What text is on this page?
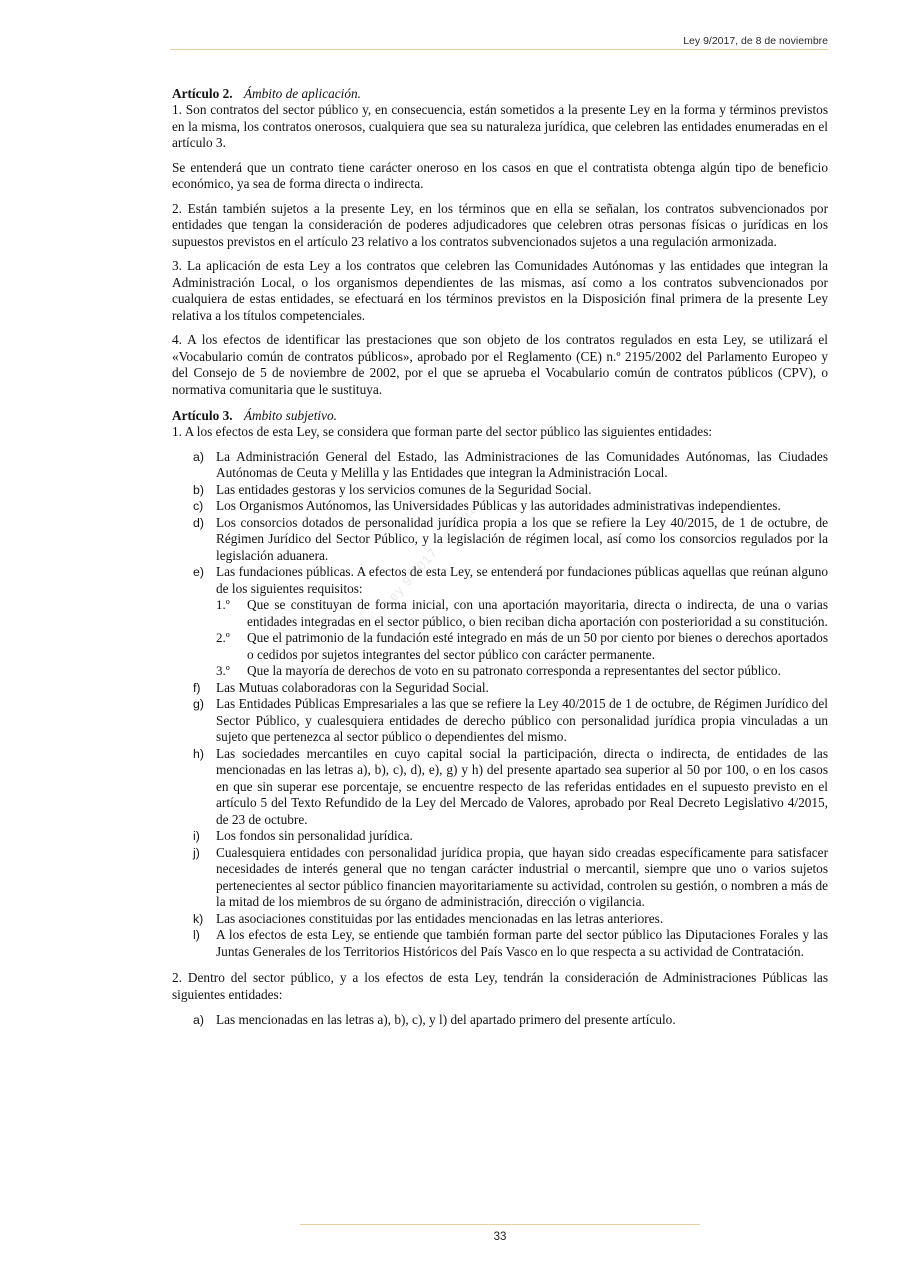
Ley 9/2017, de 8 de noviembre
Ley 9/2017 - Contratos

Artículo 2. Ámbito de aplicación.

1. Son contratos del sector público y, en consecuencia, están sometidos a la presente Ley en la forma y términos previstos en la misma, los contratos onerosos, cualquiera que sea su naturaleza jurídica, que celebren las entidades enumeradas en el artículo 3.

Se entenderá que un contrato tiene carácter oneroso en los casos en que el contratista obtenga algún tipo de beneficio económico, ya sea de forma directa o indirecta.

2. Están también sujetos a la presente Ley, en los términos que en ella se señalan, los contratos subvencionados por entidades que tengan la consideración de poderes adjudicadores que celebren otras personas físicas o jurídicas en los supuestos previstos en el artículo 23 relativo a los contratos subvencionados sujetos a una regulación armonizada.

3. La aplicación de esta Ley a los contratos que celebren las Comunidades Autónomas y las entidades que integran la Administración Local, o los organismos dependientes de las mismas, así como a los contratos subvencionados por cualquiera de estas entidades, se efectuará en los términos previstos en la Disposición final primera de la presente Ley relativa a los títulos competenciales.

4. A los efectos de identificar las prestaciones que son objeto de los contratos regulados en esta Ley, se utilizará el «Vocabulario común de contratos públicos», aprobado por el Reglamento (CE) n.º 2195/2002 del Parlamento Europeo y del Consejo de 5 de noviembre de 2002, por el que se aprueba el Vocabulario común de contratos públicos (CPV), o normativa comunitaria que le sustituya.

Artículo 3. Ámbito subjetivo.

1. A los efectos de esta Ley, se considera que forman parte del sector público las siguientes entidades:

a) La Administración General del Estado, las Administraciones de las Comunidades Autónomas, las Ciudades Autónomas de Ceuta y Melilla y las Entidades que integran la Administración Local.
b) Las entidades gestoras y los servicios comunes de la Seguridad Social.
c) Los Organismos Autónomos, las Universidades Públicas y las autoridades administrativas independientes.
d) Los consorcios dotados de personalidad jurídica propia a los que se refiere la Ley 40/2015, de 1 de octubre, de Régimen Jurídico del Sector Público, y la legislación de régimen local, así como los consorcios regulados por la legislación aduanera.
e) Las fundaciones públicas. A efectos de esta Ley, se entenderá por fundaciones públicas aquellas que reúnan alguno de los siguientes requisitos:
1.º	Que se constituyan de forma inicial, con una aportación mayoritaria, directa o indirecta, de una o varias entidades integradas en el sector público, o bien reciban dicha aportación con posterioridad a su constitución.
2.º	Que el patrimonio de la fundación esté integrado en más de un 50 por ciento por bienes o derechos aportados o cedidos por sujetos integrantes del sector público con carácter permanente.
3.º	Que la mayoría de derechos de voto en su patronato corresponda a representantes del sector público.
f)	Las Mutuas colaboradoras con la Seguridad Social.
g) Las Entidades Públicas Empresariales a las que se refiere la Ley 40/2015 de 1 de octubre, de Régimen Jurídico del Sector Público, y cualesquiera entidades de derecho público con personalidad jurídica propia vinculadas a un sujeto que pertenezca al sector público o dependientes del mismo.
h) Las sociedades mercantiles en cuyo capital social la participación, directa o indirecta, de entidades de las mencionadas en las letras a), b), c), d), e), g) y h) del presente apartado sea superior al 50 por 100, o en los casos en que sin superar ese porcentaje, se encuentre respecto de las referidas entidades en el supuesto previsto en el artículo 5 del Texto Refundido de la Ley del Mercado de Valores, aprobado por Real Decreto Legislativo 4/2015, de 23 de octubre.
i)	Los fondos sin personalidad jurídica.
j)	Cualesquiera entidades con personalidad jurídica propia, que hayan sido creadas específicamente para satisfacer necesidades de interés general que no tengan carácter industrial o mercantil, siempre que uno o varios sujetos pertenecientes al sector público financien mayoritariamente su actividad, controlen su gestión, o nombren a más de la mitad de los miembros de su órgano de administración, dirección o vigilancia.
k) Las asociaciones constituidas por las entidades mencionadas en las letras anteriores.
l)	A los efectos de esta Ley, se entiende que también forman parte del sector público las Diputaciones Forales y las Juntas Generales de los Territorios Históricos del País Vasco en lo que respecta a su actividad de Contratación.

2. Dentro del sector público, y a los efectos de esta Ley, tendrán la consideración de Administraciones Públicas las siguientes entidades:

a) Las mencionadas en las letras a), b), c), y l) del apartado primero del presente artículo.
33
